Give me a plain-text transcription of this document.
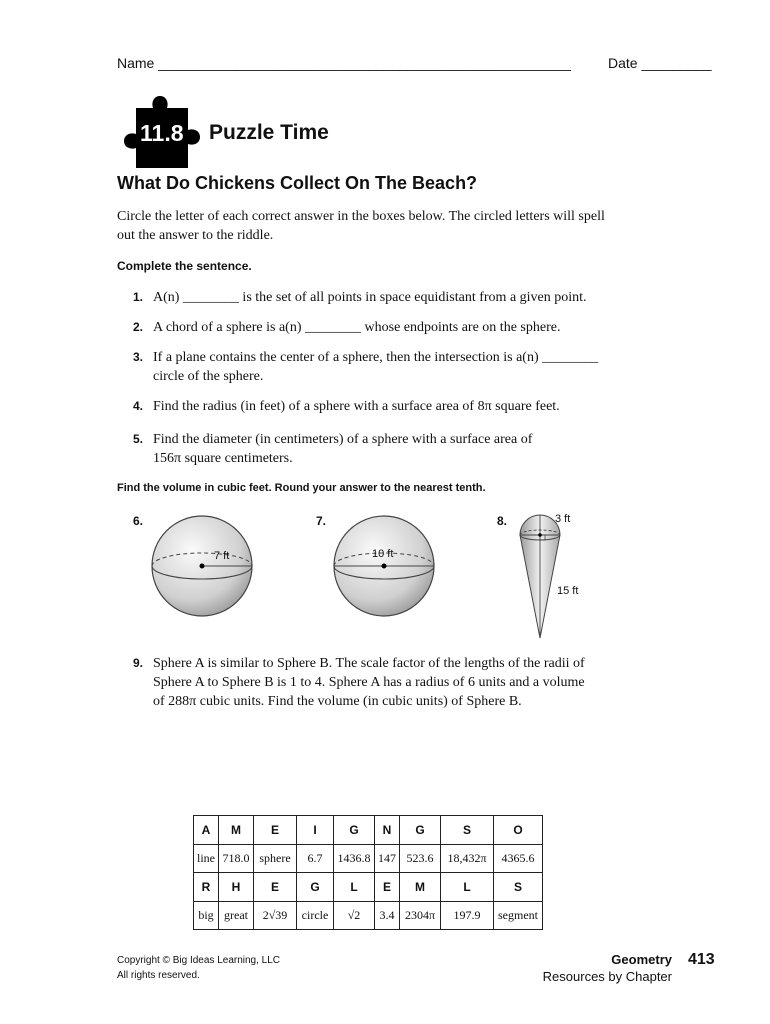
Name _____________________________________________________	Date _________
11.8 Puzzle Time
What Do Chickens Collect On The Beach?
Circle the letter of each correct answer in the boxes below. The circled letters will spell out the answer to the riddle.
Complete the sentence.
1. A(n) ________ is the set of all points in space equidistant from a given point.
2. A chord of a sphere is a(n) ________ whose endpoints are on the sphere.
3. If a plane contains the center of a sphere, then the intersection is a(n) ________
circle of the sphere.
4. Find the radius (in feet) of a sphere with a surface area of 8π square feet.
5. Find the diameter (in centimeters) of a sphere with a surface area of
156π square centimeters.
Find the volume in cubic feet. Round your answer to the nearest tenth.
6.
7 ft
7.
10 ft
8.	3 ft
15 ft
9. Sphere A is similar to Sphere B. The scale factor of the lengths of the radii of
Sphere A to Sphere B is 1 to 4. Sphere A has a radius of 6 units and a volume
of 288π cubic units. Find the volume (in cubic units) of Sphere B.
A	M	E	I	G	N	G	S	O
line	718.0	sphere	6.7	1436.8	147	523.6	18,432π	4365.6
R	H	E	G	L	E	M	L	S
big	great	2√39	circle	√2	3.4	2304π	197.9	segment
Copyright © Big Ideas Learning, LLC
All rights reserved.
Geometry
Resources by Chapter
413
